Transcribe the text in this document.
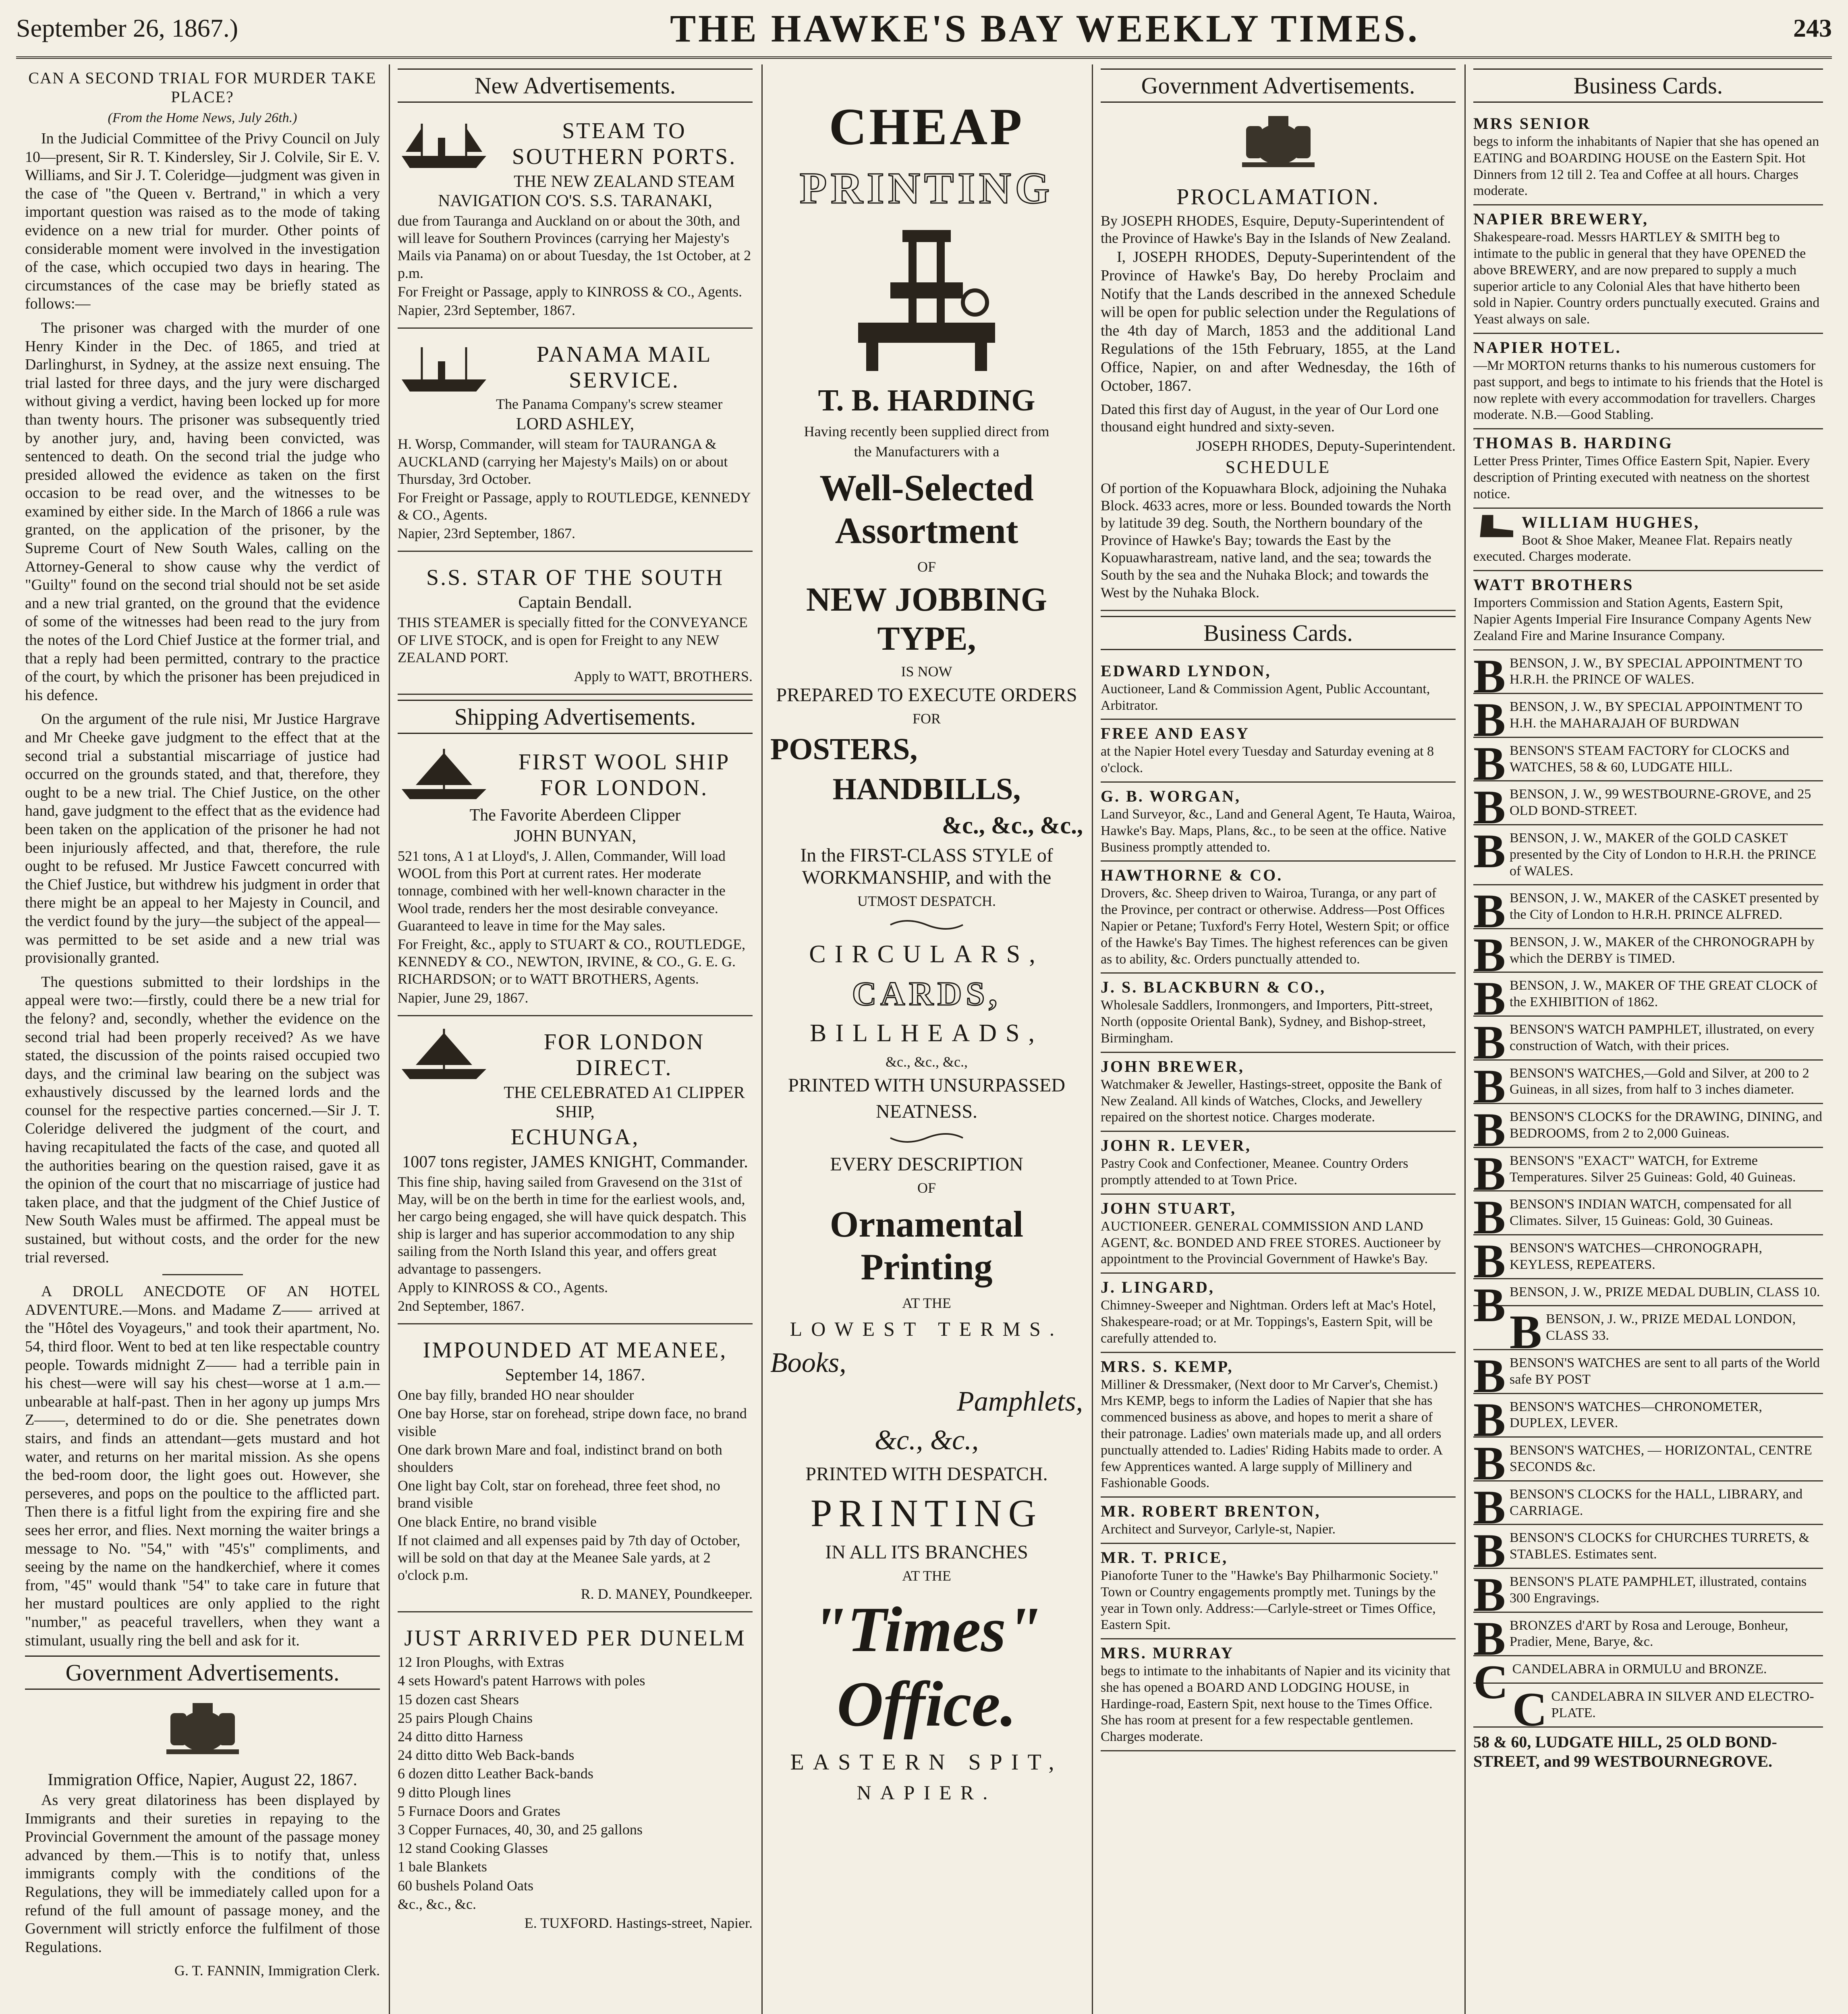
September 26, 1867.)	THE HAWKE'S BAY WEEKLY TIMES.	243
CAN A SECOND TRIAL FOR MURDER TAKE PLACE?
(From the Home News, July 26th.)

In the Judicial Committee of the Privy Council on July 10—present, Sir R. T. Kindersley, Sir J. Colvile, Sir E. V. Williams, and Sir J. T. Coleridge—judgment was given in the case of "the Queen v. Bertrand," in which a very important question was raised as to the mode of taking evidence on a new trial for murder. Other points of considerable moment were involved in the investigation of the case, which occupied two days in hearing. The circumstances of the case may be briefly stated as follows:—

The prisoner was charged with the murder of one Henry Kinder in the Dec. of 1865, and tried at Darlinghurst, in Sydney, at the assize next ensuing. The trial lasted for three days, and the jury were discharged without giving a verdict, having been locked up for more than twenty hours. The prisoner was subsequently tried by another jury, and, having been convicted, was sentenced to death. On the second trial the judge who presided allowed the evidence as taken on the first occasion to be read over, and the witnesses to be examined by either side. In the March of 1866 a rule was granted, on the application of the prisoner, by the Supreme Court of New South Wales, calling on the Attorney-General to show cause why the verdict of "Guilty" found on the second trial should not be set aside and a new trial granted, on the ground that the evidence of some of the witnesses had been read to the jury from the notes of the Lord Chief Justice at the former trial, and that a reply had been permitted, contrary to the practice of the court, by which the prisoner has been prejudiced in his defence.

On the argument of the rule nisi, Mr Justice Hargrave and Mr Cheeke gave judgment to the effect that at the second trial a substantial miscarriage of justice had occurred on the grounds stated, and that, therefore, they ought to be a new trial. The Chief Justice, on the other hand, gave judgment to the effect that as the evidence had been taken on the application of the prisoner he had not been injuriously affected, and that, therefore, the rule ought to be refused. Mr Justice Fawcett concurred with the Chief Justice, but withdrew his judgment in order that there might be an appeal to her Majesty in Council, and the verdict found by the jury—the subject of the appeal—was permitted to be set aside and a new trial was provisionally granted.

The questions submitted to their lordships in the appeal were two:—firstly, could there be a new trial for the felony? and, secondly, whether the evidence on the second trial had been properly received? As we have stated, the discussion of the points raised occupied two days, and the criminal law bearing on the subject was exhaustively discussed by the learned lords and the counsel for the respective parties concerned.—Sir J. T. Coleridge delivered the judgment of the court, and having recapitulated the facts of the case, and quoted all the authorities bearing on the question raised, gave it as the opinion of the court that no miscarriage of justice had taken place, and that the judgment of the Chief Justice of New South Wales must be affirmed. The appeal must be sustained, but without costs, and the order for the new trial reversed.

A DROLL ANECDOTE OF AN HOTEL ADVENTURE.—Mons. and Madame Z—— arrived at the "Hôtel des Voyageurs," and took their apartment, No. 54, third floor. Went to bed at ten like respectable country people. Towards midnight Z—— had a terrible pain in his chest—were will say his chest—worse at 1 a.m.—unbearable at half-past. Then in her agony up jumps Mrs Z——, determined to do or die. She penetrates down stairs, and finds an attendant—gets mustard and hot water, and returns on her marital mission. As she opens the bed-room door, the light goes out. However, she perseveres, and pops on the poultice to the afflicted part. Then there is a fitful light from the expiring fire and she sees her error, and flies. Next morning the waiter brings a message to No. "54," with "45's" compliments, and seeing by the name on the handkerchief, where it comes from, "45" would thank "54" to take care in future that her mustard poultices are only applied to the right "number," as peaceful travellers, when they want a stimulant, usually ring the bell and ask for it.

Government Advertisements.
Immigration Office, Napier, August 22, 1867.

As very great dilatoriness has been displayed by Immigrants and their sureties in repaying to the Provincial Government the amount of the passage money advanced by them.—This is to notify that, unless immigrants comply with the conditions of the Regulations, they will be immediately called upon for a refund of the full amount of passage money, and the Government will strictly enforce the fulfilment of those Regulations.

G. T. FANNIN, Immigration Clerk.
New Advertisements.
STEAM TO SOUTHERN PORTS.
THE NEW ZEALAND STEAM NAVIGATION CO'S. S.S. TARANAKI,
due from Tauranga and Auckland on or about the 30th, and will leave for Southern Provinces (carrying her Majesty's Mails via Panama) on or about Tuesday, the 1st October, at 2 p.m.
For Freight or Passage, apply to KINROSS & CO., Agents.
Napier, 23rd September, 1867.
PANAMA MAIL SERVICE.
The Panama Company's screw steamer
LORD ASHLEY,
H. Worsp, Commander, will steam for TAURANGA & AUCKLAND (carrying her Majesty's Mails) on or about Thursday, 3rd October.
For Freight or Passage, apply to ROUTLEDGE, KENNEDY & CO., Agents.
Napier, 23rd September, 1867.
S.S. STAR OF THE SOUTH
Captain Bendall.
THIS STEAMER is specially fitted for the CONVEYANCE OF LIVE STOCK, and is open for Freight to any NEW ZEALAND PORT.
Apply to WATT, BROTHERS.
Shipping Advertisements.
FIRST WOOL SHIP FOR LONDON.
The Favorite Aberdeen Clipper
JOHN BUNYAN,
521 tons, A 1 at Lloyd's, J. Allen, Commander, Will load WOOL from this Port at current rates. Her moderate tonnage, combined with her well-known character in the Wool trade, renders her the most desirable conveyance. Guaranteed to leave in time for the May sales.
For Freight, &c., apply to STUART & CO., ROUTLEDGE, KENNEDY & CO., NEWTON, IRVINE, & CO., G. E. G. RICHARDSON; or to WATT BROTHERS, Agents.
Napier, June 29, 1867.
FOR LONDON DIRECT.
THE CELEBRATED A1 CLIPPER SHIP,
ECHUNGA,
1007 tons register, JAMES KNIGHT, Commander.
This fine ship, having sailed from Gravesend on the 31st of May, will be on the berth in time for the earliest wools, and, her cargo being engaged, she will have quick despatch. This ship is larger and has superior accommodation to any ship sailing from the North Island this year, and offers great advantage to passengers.
Apply to KINROSS & CO., Agents.
2nd September, 1867.
IMPOUNDED AT MEANEE,
September 14, 1867.
One bay filly, branded HO near shoulder
One bay Horse, star on forehead, stripe down face, no brand visible
One dark brown Mare and foal, indistinct brand on both shoulders
One light bay Colt, star on forehead, three feet shod, no brand visible
One black Entire, no brand visible
If not claimed and all expenses paid by 7th day of October, will be sold on that day at the Meanee Sale yards, at 2 o'clock p.m.
R. D. MANEY, Poundkeeper.
JUST ARRIVED PER DUNELM
12 Iron Ploughs, with Extras
4 sets Howard's patent Harrows with poles
15 dozen cast Shears
25 pairs Plough Chains
24 ditto ditto Harness
24 ditto ditto Web Back-bands
6 dozen ditto Leather Back-bands
9 ditto Plough lines
5 Furnace Doors and Grates
3 Copper Furnaces, 40, 30, and 25 gallons
12 stand Cooking Glasses
1 bale Blankets
60 bushels Poland Oats
&c., &c., &c.
E. TUXFORD. Hastings-street, Napier.
CHEAP
PRINTING
T. B. HARDING
Having recently been supplied direct from
the Manufacturers with a
Well-Selected Assortment
OF
NEW JOBBING TYPE,
IS NOW
PREPARED TO EXECUTE ORDERS
FOR
POSTERS,
HANDBILLS,
&c., &c., &c.,
In the FIRST-CLASS STYLE of WORKMANSHIP, and with the
UTMOST DESPATCH.
CIRCULARS,
CARDS,
BILLHEADS,
&c., &c., &c.,
PRINTED WITH UNSURPASSED
NEATNESS.
EVERY DESCRIPTION
OF
Ornamental Printing
AT THE
LOWEST TERMS.
Books,
Pamphlets,
&c., &c.,
PRINTED WITH DESPATCH.
PRINTING
IN ALL ITS BRANCHES
AT THE
"Times" Office.
EASTERN SPIT,
NAPIER.
Government Advertisements.
PROCLAMATION.
By JOSEPH RHODES, Esquire, Deputy-Superintendent of the Province of Hawke's Bay in the Islands of New Zealand.

I, JOSEPH RHODES, Deputy-Superintendent of the Province of Hawke's Bay, Do hereby Proclaim and Notify that the Lands described in the annexed Schedule will be open for public selection under the Regulations of the 4th day of March, 1853 and the additional Land Regulations of the 15th February, 1855, at the Land Office, Napier, on and after Wednesday, the 16th of October, 1867.

Dated this first day of August, in the year of Our Lord one thousand eight hundred and sixty-seven.
JOSEPH RHODES, Deputy-Superintendent.
SCHEDULE
Of portion of the Kopuawhara Block, adjoining the Nuhaka Block. 4633 acres, more or less. Bounded towards the North by latitude 39 deg. South, the Northern boundary of the Province of Hawke's Bay; towards the East by the Kopuawharastream, native land, and the sea; towards the South by the sea and the Nuhaka Block; and towards the West by the Nuhaka Block.
Business Cards.
EDWARD LYNDON,
Auctioneer, Land & Commission Agent, Public Accountant, Arbitrator.
FREE AND EASY
at the Napier Hotel every Tuesday and Saturday evening at 8 o'clock.
G. B. WORGAN,
Land Surveyor, &c., Land and General Agent, Te Hauta, Wairoa, Hawke's Bay. Maps, Plans, &c., to be seen at the office. Native Business promptly attended to.
HAWTHORNE & CO.
Drovers, &c. Sheep driven to Wairoa, Turanga, or any part of the Province, per contract or otherwise. Address—Post Offices Napier or Petane; Tuxford's Ferry Hotel, Western Spit; or office of the Hawke's Bay Times. The highest references can be given as to ability, &c. Orders punctually attended to.
J. S. BLACKBURN & CO.,
Wholesale Saddlers, Ironmongers, and Importers, Pitt-street, North (opposite Oriental Bank), Sydney, and Bishop-street, Birmingham.
JOHN BREWER,
Watchmaker & Jeweller, Hastings-street, opposite the Bank of New Zealand. All kinds of Watches, Clocks, and Jewellery repaired on the shortest notice. Charges moderate.
JOHN R. LEVER,
Pastry Cook and Confectioner, Meanee. Country Orders promptly attended to at Town Price.
JOHN STUART,
AUCTIONEER. GENERAL COMMISSION AND LAND AGENT, &c. BONDED AND FREE STORES. Auctioneer by appointment to the Provincial Government of Hawke's Bay.
J. LINGARD,
Chimney-Sweeper and Nightman. Orders left at Mac's Hotel, Shakespeare-road; or at Mr. Toppings's, Eastern Spit, will be carefully attended to.
MRS. S. KEMP,
Milliner & Dressmaker, (Next door to Mr Carver's, Chemist.) Mrs KEMP, begs to inform the Ladies of Napier that she has commenced business as above, and hopes to merit a share of their patronage. Ladies' own materials made up, and all orders punctually attended to. Ladies' Riding Habits made to order. A few Apprentices wanted. A large supply of Millinery and Fashionable Goods.
MR. ROBERT BRENTON,
Architect and Surveyor, Carlyle-st, Napier.
MR. T. PRICE,
Pianoforte Tuner to the "Hawke's Bay Philharmonic Society." Town or Country engagements promptly met. Tunings by the year in Town only. Address:—Carlyle-street or Times Office, Eastern Spit.
MRS. MURRAY
begs to intimate to the inhabitants of Napier and its vicinity that she has opened a BOARD AND LODGING HOUSE, in Hardinge-road, Eastern Spit, next house to the Times Office. She has room at present for a few respectable gentlemen. Charges moderate.
Business Cards.
MRS SENIOR
begs to inform the inhabitants of Napier that she has opened an EATING and BOARDING HOUSE on the Eastern Spit. Hot Dinners from 12 till 2. Tea and Coffee at all hours. Charges moderate.
NAPIER BREWERY,
Shakespeare-road. Messrs HARTLEY & SMITH beg to intimate to the public in general that they have OPENED the above BREWERY, and are now prepared to supply a much superior article to any Colonial Ales that have hitherto been sold in Napier. Country orders punctually executed. Grains and Yeast always on sale.
NAPIER HOTEL.
—Mr MORTON returns thanks to his numerous customers for past support, and begs to intimate to his friends that the Hotel is now replete with every accommodation for travellers. Charges moderate. N.B.—Good Stabling.
THOMAS B. HARDING
Letter Press Printer, Times Office Eastern Spit, Napier. Every description of Printing executed with neatness on the shortest notice.
WILLIAM HUGHES,
Boot & Shoe Maker, Meanee Flat. Repairs neatly executed. Charges moderate.
WATT BROTHERS
Importers Commission and Station Agents, Eastern Spit, Napier Agents Imperial Fire Insurance Company Agents New Zealand Fire and Marine Insurance Company.
B BENSON, J. W., BY SPECIAL APPOINTMENT TO H.R.H. the PRINCE OF WALES.
B BENSON, J. W., BY SPECIAL APPOINTMENT TO H.H. the MAHARAJAH OF BURDWAN
B BENSON'S STEAM FACTORY for CLOCKS and WATCHES, 58 & 60, LUDGATE HILL.
B BENSON, J. W., 99 WESTBOURNE-GROVE, and 25 OLD BOND-STREET.
B BENSON, J. W., MAKER of the GOLD CASKET presented by the City of London to H.R.H. the PRINCE of WALES.
B BENSON, J. W., MAKER of the CASKET presented by the City of London to H.R.H. PRINCE ALFRED.
B BENSON, J. W., MAKER of the CHRONOGRAPH by which the DERBY is TIMED.
B BENSON, J. W., MAKER OF THE GREAT CLOCK of the EXHIBITION of 1862.
B BENSON'S WATCH PAMPHLET, illustrated, on every construction of Watch, with their prices.
B BENSON'S WATCHES,—Gold and Silver, at 200 to 2 Guineas, in all sizes, from half to 3 inches diameter.
B BENSON'S CLOCKS for the DRAWING, DINING, and BEDROOMS, from 2 to 2,000 Guineas.
B BENSON'S "EXACT" WATCH, for Extreme Temperatures. Silver 25 Guineas: Gold, 40 Guineas.
B BENSON'S INDIAN WATCH, compensated for all Climates. Silver, 15 Guineas: Gold, 30 Guineas.
B BENSON'S WATCHES—CHRONOGRAPH, KEYLESS, REPEATERS.
B BENSON, J. W., PRIZE MEDAL DUBLIN, CLASS 10.
B BENSON, J. W., PRIZE MEDAL LONDON, CLASS 33.
B BENSON'S WATCHES are sent to all parts of the World safe BY POST
B BENSON'S WATCHES—CHRONOMETER, DUPLEX, LEVER.
B BENSON'S WATCHES, — HORIZONTAL, CENTRE SECONDS &c.
B BENSON'S CLOCKS for the HALL, LIBRARY, and CARRIAGE.
B BENSON'S CLOCKS for CHURCHES TURRETS, & STABLES. Estimates sent.
B BENSON'S PLATE PAMPHLET, illustrated, contains 300 Engravings.
B BRONZES d'ART by Rosa and Lerouge, Bonheur, Pradier, Mene, Barye, &c.
C CANDELABRA in ORMULU and BRONZE.
C CANDELABRA IN SILVER AND ELECTRO-PLATE.
58 & 60, LUDGATE HILL, 25 OLD BOND-STREET, and 99 WESTBOURNEGROVE.
